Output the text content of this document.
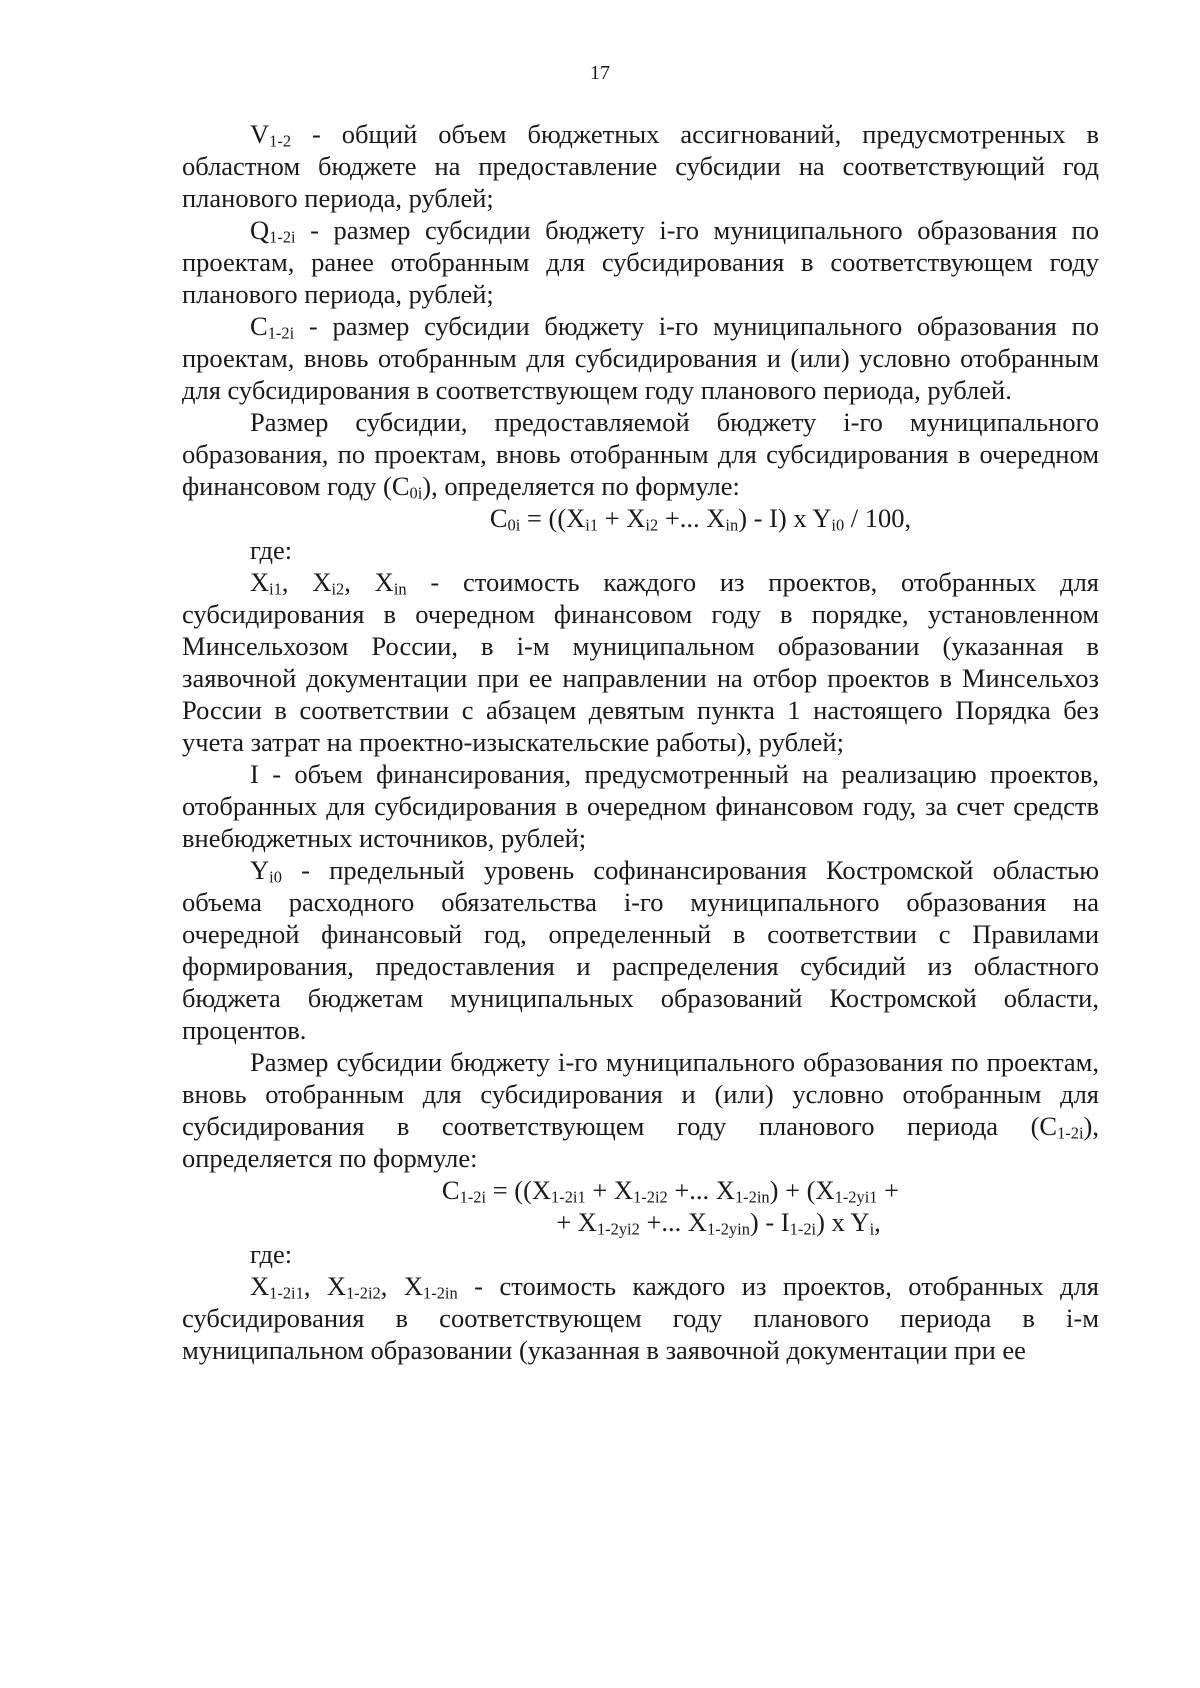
17

$V_{1-2}$ - общий объем бюджетных ассигнований, предусмотренных в областном бюджете на предоставление субсидии на соответствующий год планового периода, рублей;

$Q_{1-2i}$ - размер субсидии бюджету i-го муниципального образования по проектам, ранее отобранным для субсидирования в соответствующем году планового периода, рублей;

$C_{1-2i}$ - размер субсидии бюджету i-го муниципального образования по проектам, вновь отобранным для субсидирования и (или) условно отобранным для субсидирования в соответствующем году планового периода, рублей.

Размер субсидии, предоставляемой бюджету i-го муниципального образования, по проектам, вновь отобранным для субсидирования в очередном финансовом году $(C_{0i})$, определяется по формуле:

$C_{0i} = ((X_{i1} + X_{i2}$ +... $X_{in}) - I$) x $Y_{i0} / 100$,

где:

$X_{i1}$, $X_{i2}$, $X_{in}$ - стоимость каждого из проектов, отобранных для субсидирования в очередном финансовом году в порядке, установленном Минсельхозом России, в i-м муниципальном образовании (указанная в заявочной документации при ее направлении на отбор проектов в Минсельхоз России в соответствии с абзацем девятым пункта 1 настоящего Порядка без учета затрат на проектно-изыскательские работы), рублей;

I - объем финансирования, предусмотренный на реализацию проектов, отобранных для субсидирования в очередном финансовом году, за счет средств внебюджетных источников, рублей;

$Y_{i0}$ - предельный уровень софинансирования Костромской областью объема расходного обязательства i-го муниципального образования на очередной финансовый год, определенный в соответствии с Правилами формирования, предоставления и распределения субсидий из областного бюджета бюджетам муниципальных образований Костромской области, процентов.

Размер субсидии бюджету i-го муниципального образования по проектам, вновь отобранным для субсидирования и (или) условно отобранным для субсидирования в соответствующем году планового периода $(C_{1-2i})$, определяется по формуле:

$C_{1-2i} = ((X_{1-2i1} + X_{1-2i2}$ +... $X_{1-2in}) + (X_{1-2yi1}$ +
+ $X_{1-2yi2}$ +... $X_{1-2yin}) - I_{1-2i}$) x $Y_i$,

где:

$X_{1-2i1}$, $X_{1-2i2}$, $X_{1-2in}$ - стоимость каждого из проектов, отобранных для субсидирования в соответствующем году планового периода в i-м муниципальном образовании (указанная в заявочной документации при ее
